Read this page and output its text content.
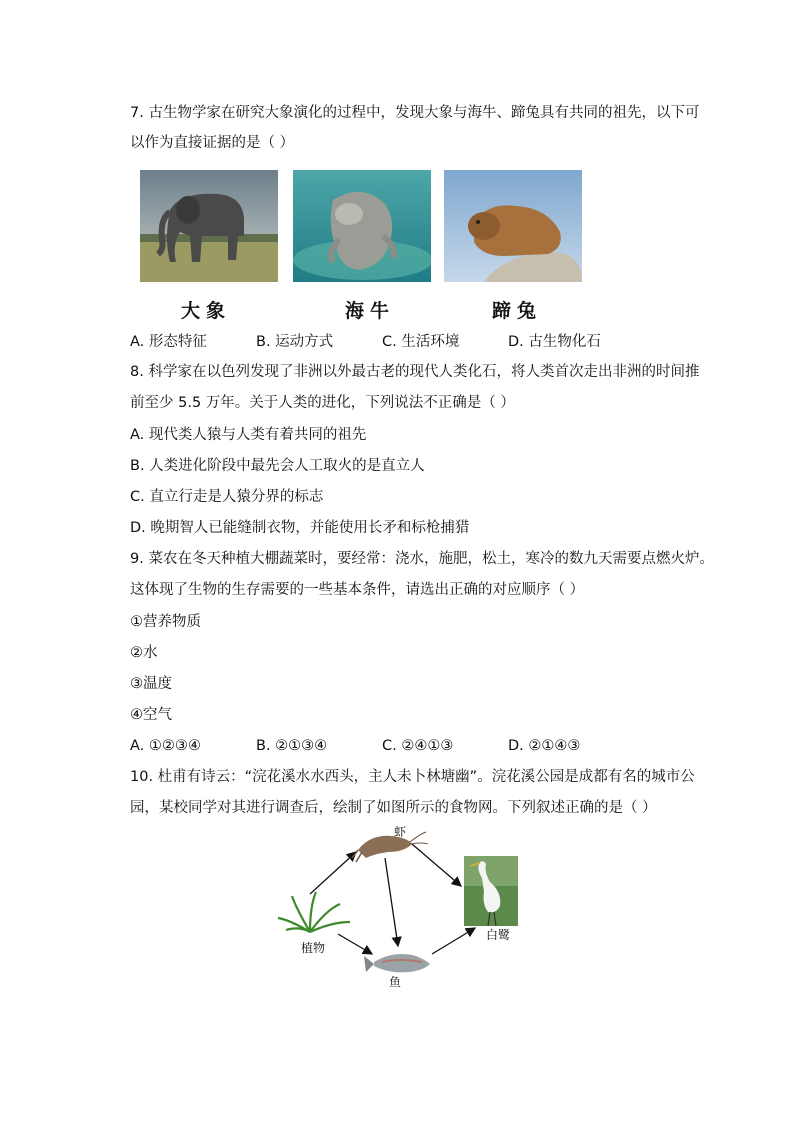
7. 古生物学家在研究大象演化的过程中，发现大象与海牛、蹄兔具有共同的祖先，以下可
以作为直接证据的是（ ）
大象	海牛	蹄兔
A. 形态特征	B. 运动方式	C. 生活环境	D. 古生物化石
8. 科学家在以色列发现了非洲以外最古老的现代人类化石，将人类首次走出非洲的时间推
前至少 5.5 万年。关于人类的进化，下列说法不正确是（ ）
A. 现代类人猿与人类有着共同的祖先
B. 人类进化阶段中最先会人工取火的是直立人
C. 直立行走是人猿分界的标志
D. 晚期智人已能缝制衣物，并能使用长矛和标枪捕猎
9. 菜农在冬天种植大棚蔬菜时，要经常：浇水，施肥，松土，寒冷的数九天需要点燃火炉。
这体现了生物的生存需要的一些基本条件，请选出正确的对应顺序（ ）
①营养物质
②水
③温度
④空气
A. ①②③④	B. ②①③④	C. ②④①③	D. ②①④③
10. 杜甫有诗云：“浣花溪水水西头，主人未卜林塘幽”。浣花溪公园是成都有名的城市公
园，某校同学对其进行调查后，绘制了如图所示的食物网。下列叙述正确的是（ ）
虾
植物
白鹭
鱼
